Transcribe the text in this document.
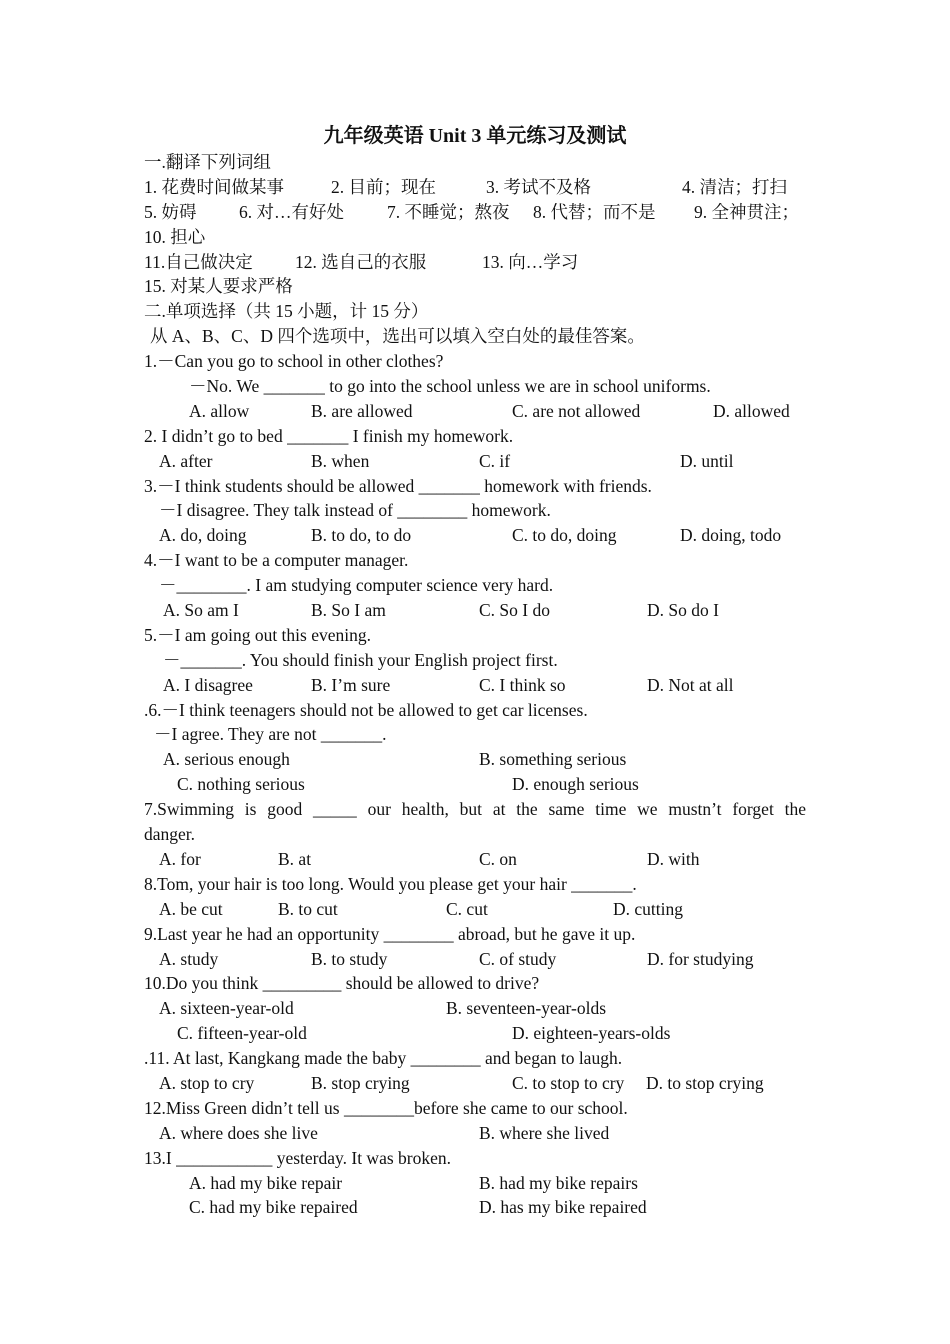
九年级英语 Unit 3 单元练习及测试
一.翻译下列词组
1. 花费时间做某事	2. 目前；现在	3. 考试不及格	4. 清洁；打扫
5. 妨碍 6. 对…有好处 7. 不睡觉；熬夜 8. 代替；而不是 9. 全神贯注；
10. 担心
11.自己做决定 12. 选自己的衣服	13. 向…学习
15. 对某人要求严格
二.单项选择（共 15 小题，计 15 分）
从 A、B、C、D 四个选项中，选出可以填入空白处的最佳答案。
1.－Can you go to school in other clothes?
－No. We _______ to go into the school unless we are in school uniforms.
A. allow	B. are allowed	C. are not allowed	D. allowed
2. I didn’t go to bed _______ I finish my homework.
A. after	B. when	C. if	D. until
3.－I think students should be allowed _______ homework with friends.
－I disagree. They talk instead of ________ homework.
A. do, doing	B. to do, to do	C. to do, doing	D. doing, todo
4.－I want to be a computer manager.
－________. I am studying computer science very hard.
A. So am I	B. So I am	C. So I do	D. So do I
5.－I am going out this evening.
－_______. You should finish your English project first.
A. I disagree	B. I’m sure	C. I think so	D. Not at all
.6.－I think teenagers should not be allowed to get car licenses.
－I agree. They are not _______.
A. serious enough	B. something serious
C. nothing serious	D. enough serious
7.Swimming is good _____ our health, but at the same time we mustn’t forget the
danger.
A. for	B. at	C. on	D. with
8.Tom, your hair is too long. Would you please get your hair _______.
A. be cut	B. to cut	C. cut	D. cutting
9.Last year he had an opportunity ________ abroad, but he gave it up.
A. study	B. to study	C. of study	D. for studying
10.Do you think _________ should be allowed to drive?
A. sixteen-year-old	B. seventeen-year-olds
C. fifteen-year-old	D. eighteen-years-olds
.11. At last, Kangkang made the baby ________ and began to laugh.
A. stop to cry	B. stop crying	C. to stop to cry D. to stop crying
12.Miss Green didn’t tell us ________before she came to our school.
A. where does she live	B. where she lived
13.I ___________ yesterday. It was broken.
A. had my bike repair	B. had my bike repairs
C. had my bike repaired	D. has my bike repaired
